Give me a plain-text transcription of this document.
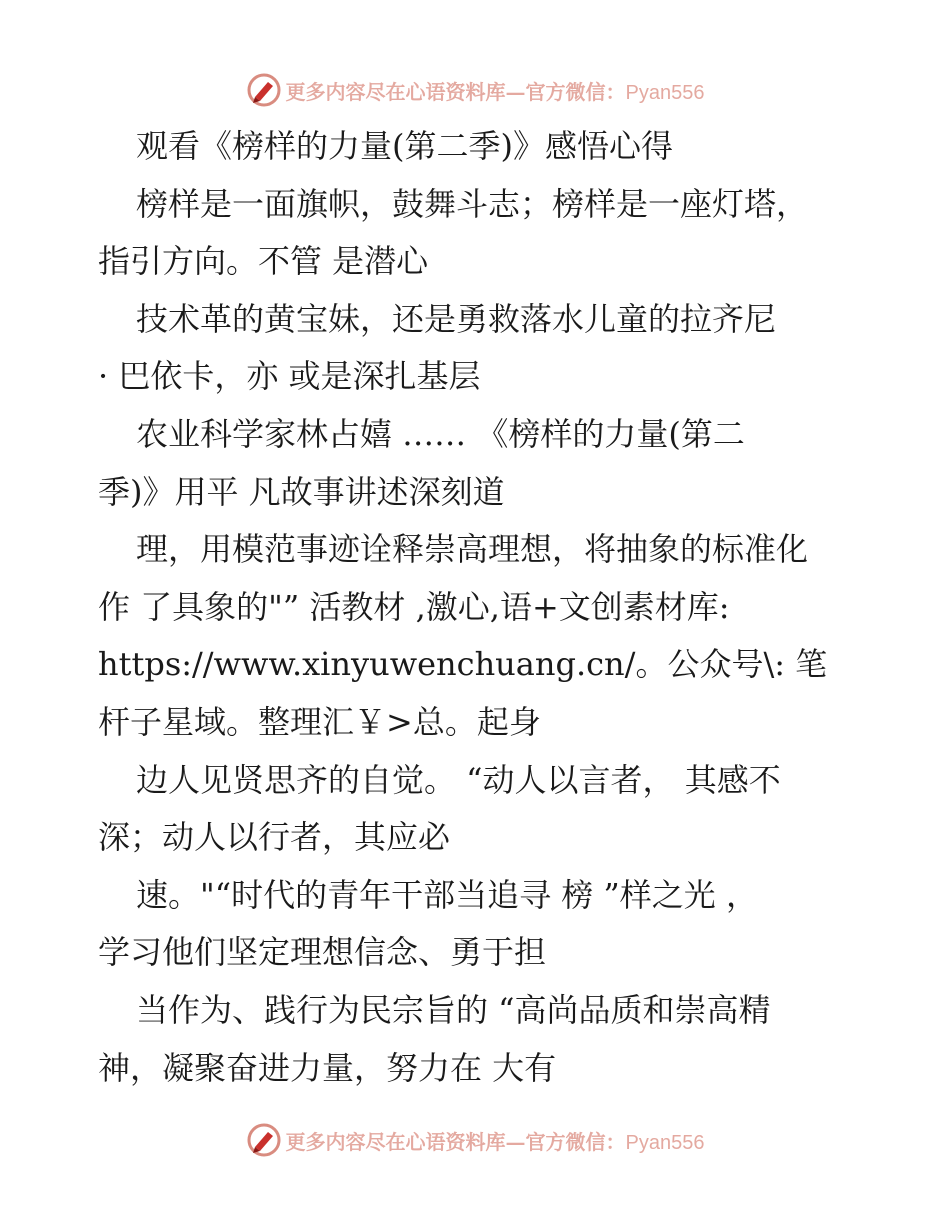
更多内容尽在心语资料库—官方微信：Pyan556
观看《榜样的力量(第二季)》感悟心得
榜样是一面旗帜，鼓舞斗志；榜样是一座灯塔，
指引方向。不管 是潜心
技术革的黄宝妹，还是勇救落水儿童的拉齐尼
· 巴依卡，亦 或是深扎基层
农业科学家林占嬉 …… 《榜样的力量(第二
季)》用平 凡故事讲述深刻道
理，用模范事迹诠释崇高理想，将抽象的标准化
作 了具象的"” 活教材 ,激心,语+文创素材库:
https://www.xinyuwenchuang.cn/。公众号\: 笔
杆子星域。整理汇￥>总。起身
边人见贤思齐的自觉。 “动人以言者， 其感不
深；动人以行者，其应必
速。"“时代的青年干部当追寻 榜 ”样之光 ，
学习他们坚定理想信念、勇于担
当作为、践行为民宗旨的 “高尚品质和崇高精
神，凝聚奋进力量，努力在 大有
更多内容尽在心语资料库—官方微信：Pyan556
